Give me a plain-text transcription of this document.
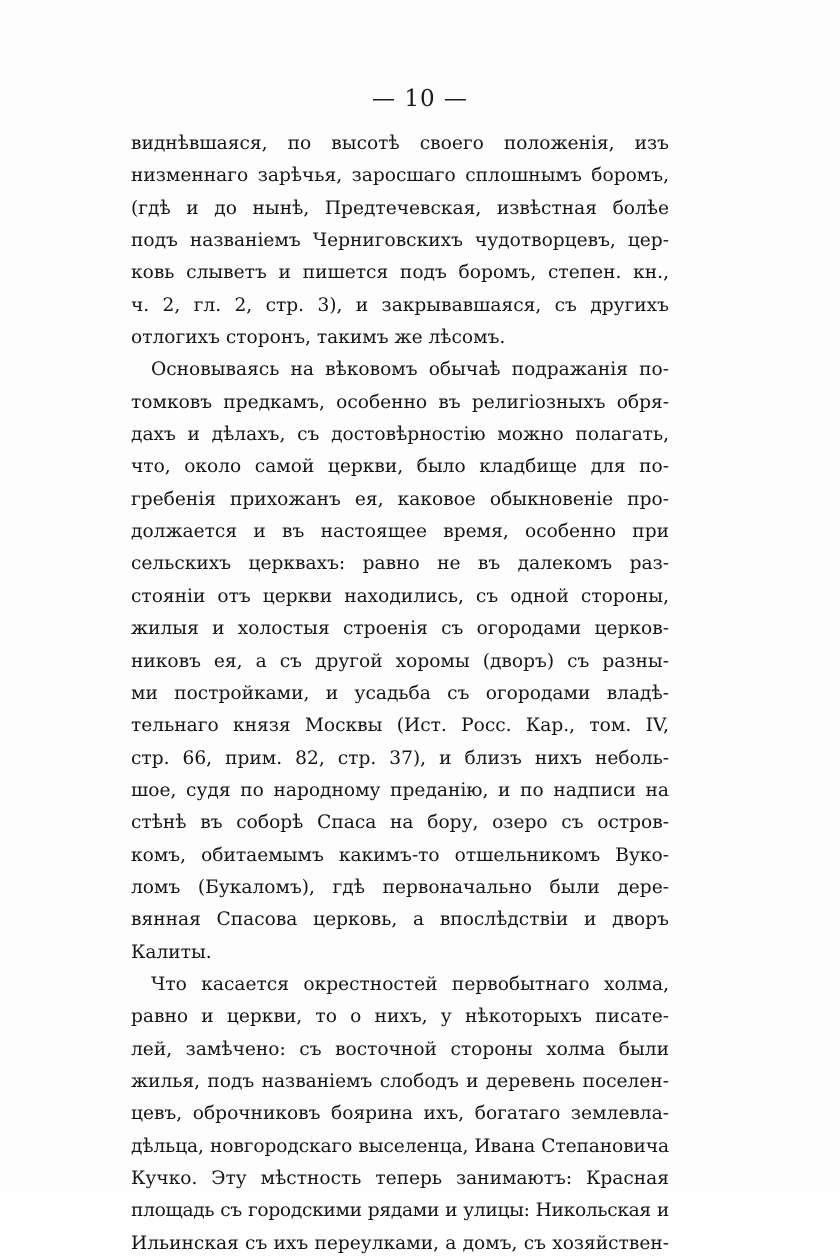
— 10 —
виднѣвшаяся, по высотѣ своего положенія, изъ
низменнаго зарѣчья, заросшаго сплошнымъ боромъ,
(гдѣ и до нынѣ, Предтечевская, извѣстная болѣе
подъ названіемъ Черниговскихъ чудотворцевъ, цер-
ковь слыветъ и пишется подъ боромъ, степен. кн.,
ч. 2, гл. 2, стр. 3), и закрывавшаяся, съ другихъ
отлогихъ сторонъ, такимъ же лѣсомъ.
Основываясь на вѣковомъ обычаѣ подражанія по-
томковъ предкамъ, особенно въ религіозныхъ обря-
дахъ и дѣлахъ, съ достовѣрностію можно полагать,
что, около самой церкви, было кладбище для по-
гребенія прихожанъ ея, каковое обыкновеніе про-
должается и въ настоящее время, особенно при
сельскихъ церквахъ: равно не въ далекомъ раз-
стояніи отъ церкви находились, съ одной стороны,
жилыя и холостыя строенія съ огородами церков-
никовъ ея, а съ другой хоромы (дворъ) съ разны-
ми постройками, и усадьба съ огородами владѣ-
тельнаго князя Москвы (Ист. Росс. Кар., том. IV,
стр. 66, прим. 82, стр. 37), и близъ нихъ неболь-
шое, судя по народному преданію, и по надписи на
стѣнѣ въ соборѣ Спаса на бору, озеро съ остров-
комъ, обитаемымъ какимъ-то отшельникомъ Вуко-
ломъ (Букаломъ), гдѣ первоначально были дере-
вянная Спасова церковь, а впослѣдствіи и дворъ
Калиты.
Что касается окрестностей первобытнаго холма,
равно и церкви, то о нихъ, у нѣкоторыхъ писате-
лей, замѣчено: съ восточной стороны холма были
жилья, подъ названіемъ слободъ и деревень поселен-
цевъ, оброчниковъ боярина ихъ, богатаго землевла-
дѣльца, новгородскаго выселенца, Ивана Степановича
Кучко. Эту мѣстность теперь занимаютъ: Красная
площадь съ городскими рядами и улицы: Никольская и
Ильинская съ ихъ переулками, а домъ, съ хозяйствен-
